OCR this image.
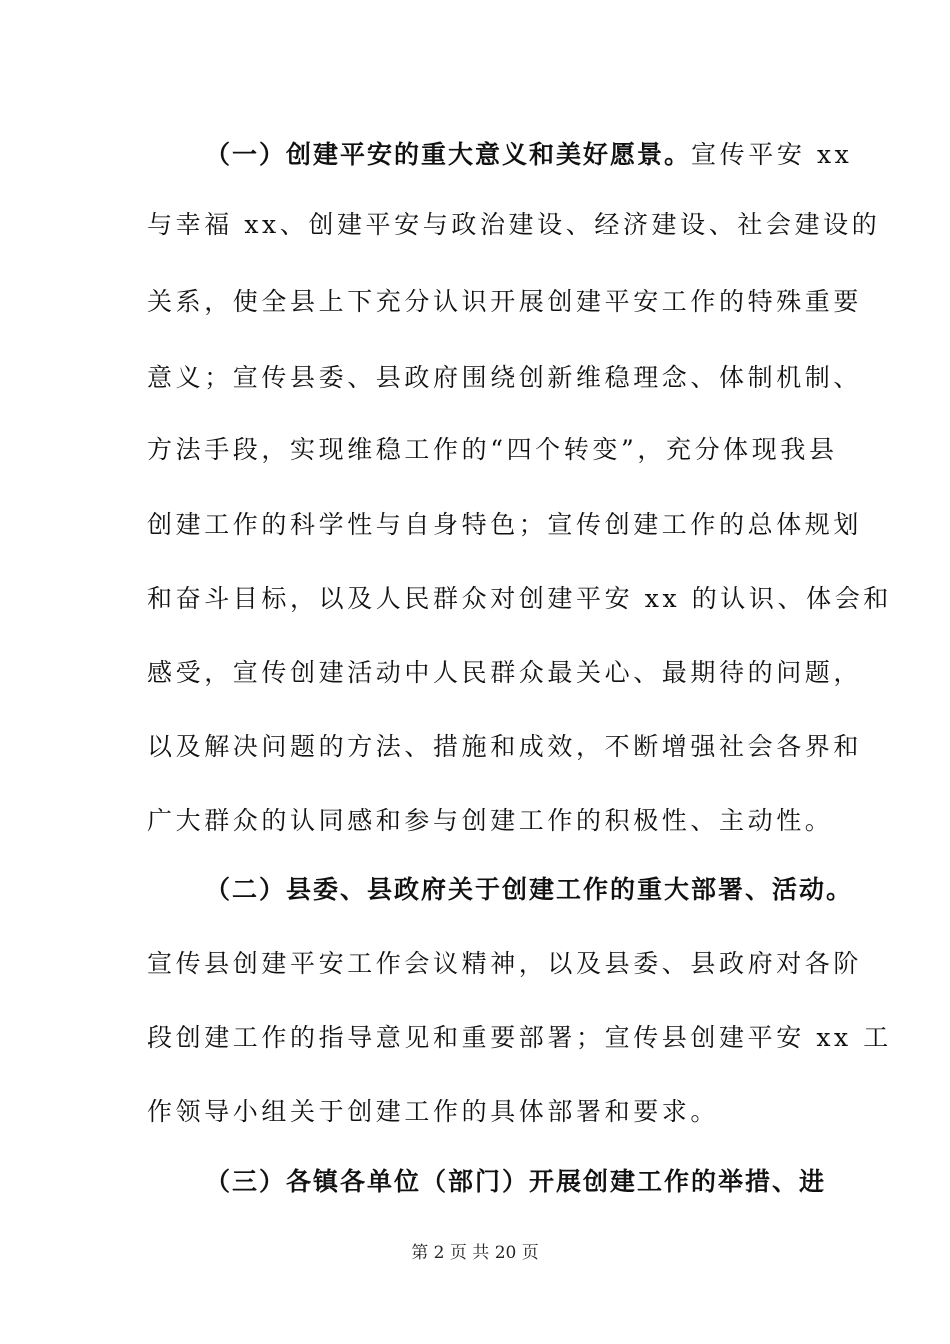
（一）创建平安的重大意义和美好愿景。宣传平安 xx
与幸福 xx、创建平安与政治建设、经济建设、社会建设的
关系，使全县上下充分认识开展创建平安工作的特殊重要
意义；宣传县委、县政府围绕创新维稳理念、体制机制、
方法手段，实现维稳工作的“四个转变”，充分体现我县
创建工作的科学性与自身特色；宣传创建工作的总体规划
和奋斗目标，以及人民群众对创建平安 xx 的认识、体会和
感受，宣传创建活动中人民群众最关心、最期待的问题，
以及解决问题的方法、措施和成效，不断增强社会各界和
广大群众的认同感和参与创建工作的积极性、主动性。
（二）县委、县政府关于创建工作的重大部署、活动。
宣传县创建平安工作会议精神，以及县委、县政府对各阶
段创建工作的指导意见和重要部署；宣传县创建平安 xx 工
作领导小组关于创建工作的具体部署和要求。
（三）各镇各单位（部门）开展创建工作的举措、进
第 2 页 共 20 页
